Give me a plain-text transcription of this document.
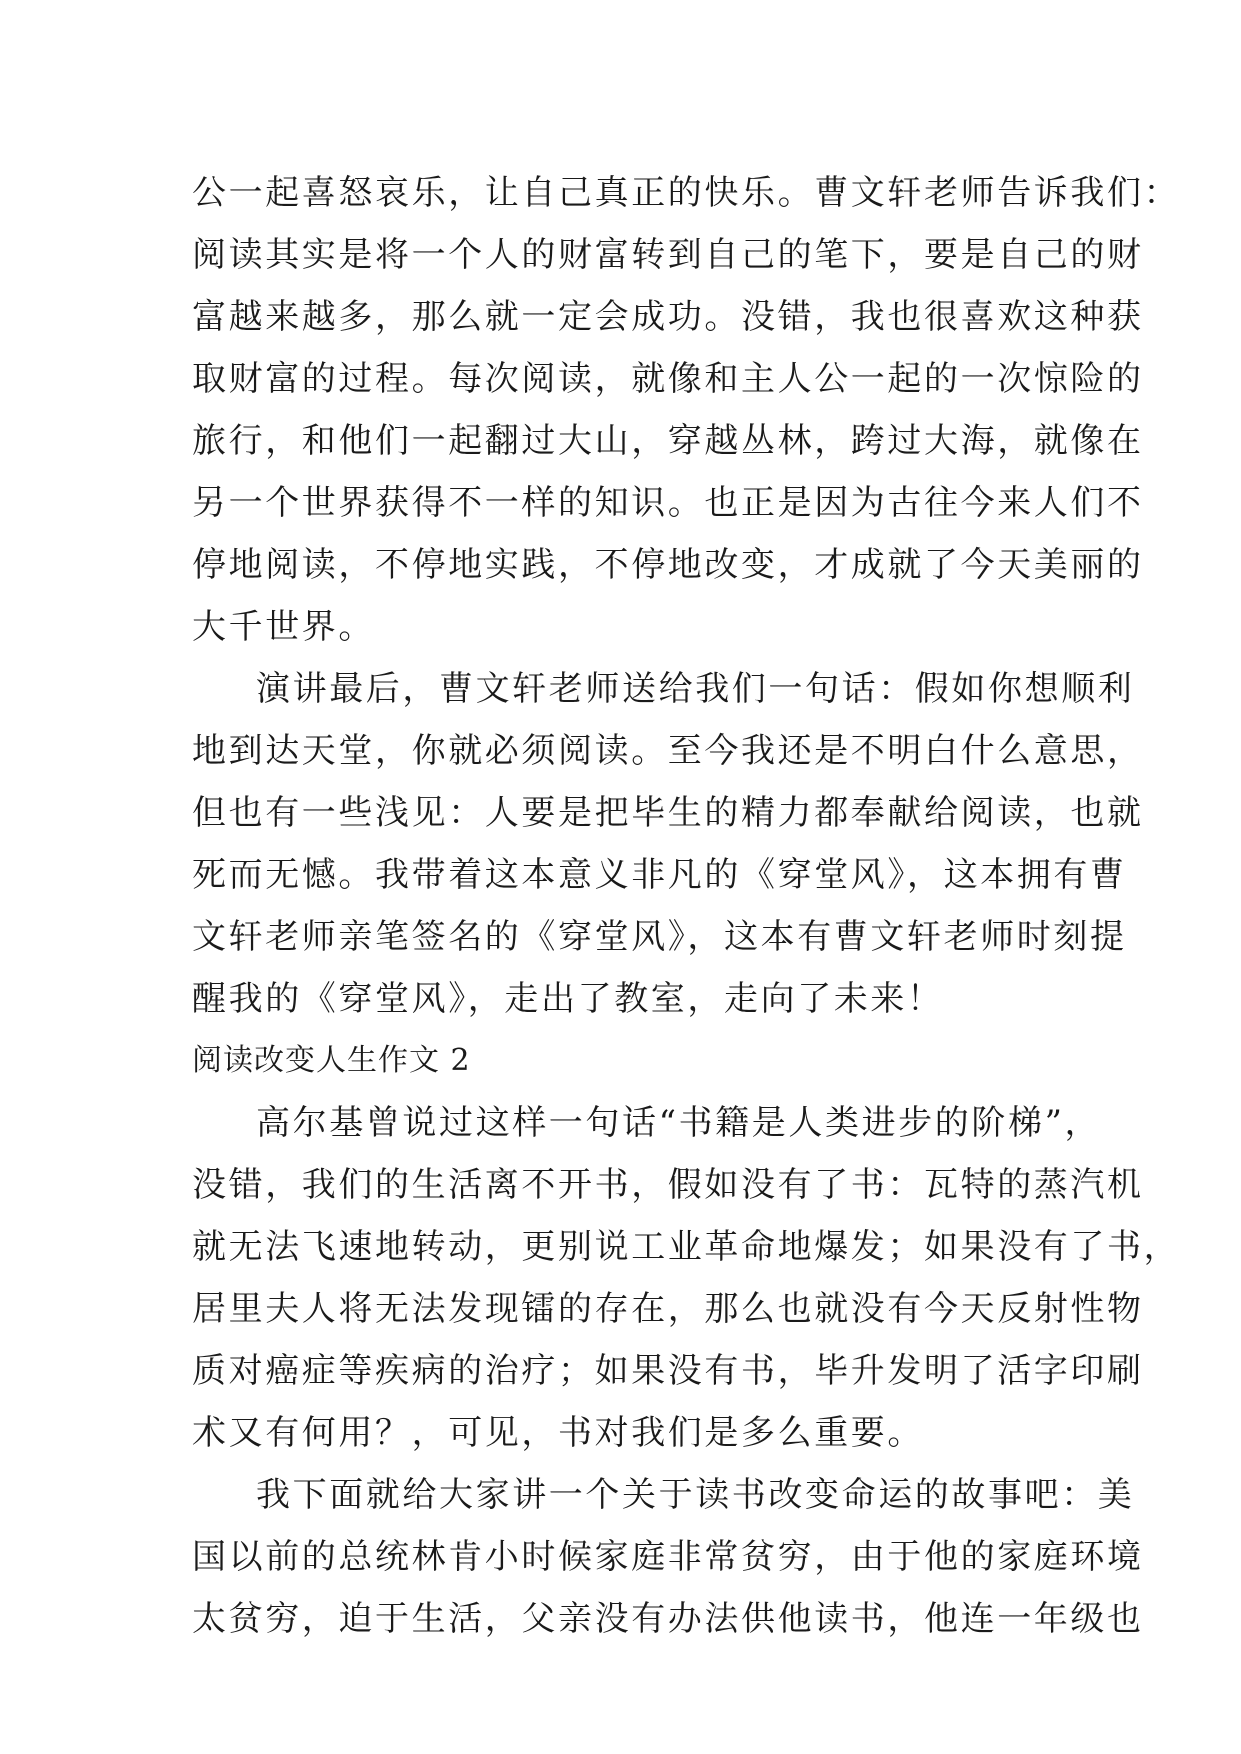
公一起喜怒哀乐，让自己真正的快乐。曹文轩老师告诉我们：
阅读其实是将一个人的财富转到自己的笔下，要是自己的财
富越来越多，那么就一定会成功。没错，我也很喜欢这种获
取财富的过程。每次阅读，就像和主人公一起的一次惊险的
旅行，和他们一起翻过大山，穿越丛林，跨过大海，就像在
另一个世界获得不一样的知识。也正是因为古往今来人们不
停地阅读，不停地实践，不停地改变，才成就了今天美丽的
大千世界。
演讲最后，曹文轩老师送给我们一句话：假如你想顺利
地到达天堂，你就必须阅读。至今我还是不明白什么意思，
但也有一些浅见：人要是把毕生的精力都奉献给阅读，也就
死而无憾。我带着这本意义非凡的《穿堂风》，这本拥有曹
文轩老师亲笔签名的《穿堂风》，这本有曹文轩老师时刻提
醒我的《穿堂风》，走出了教室，走向了未来！
阅读改变人生作文 2
高尔基曾说过这样一句话“书籍是人类进步的阶梯”，
没错，我们的生活离不开书，假如没有了书：瓦特的蒸汽机
就无法飞速地转动，更别说工业革命地爆发；如果没有了书，
居里夫人将无法发现镭的存在，那么也就没有今天反射性物
质对癌症等疾病的治疗；如果没有书，毕升发明了活字印刷
术又有何用？，可见，书对我们是多么重要。
我下面就给大家讲一个关于读书改变命运的故事吧：美
国以前的总统林肯小时候家庭非常贫穷，由于他的家庭环境
太贫穷，迫于生活，父亲没有办法供他读书，他连一年级也
